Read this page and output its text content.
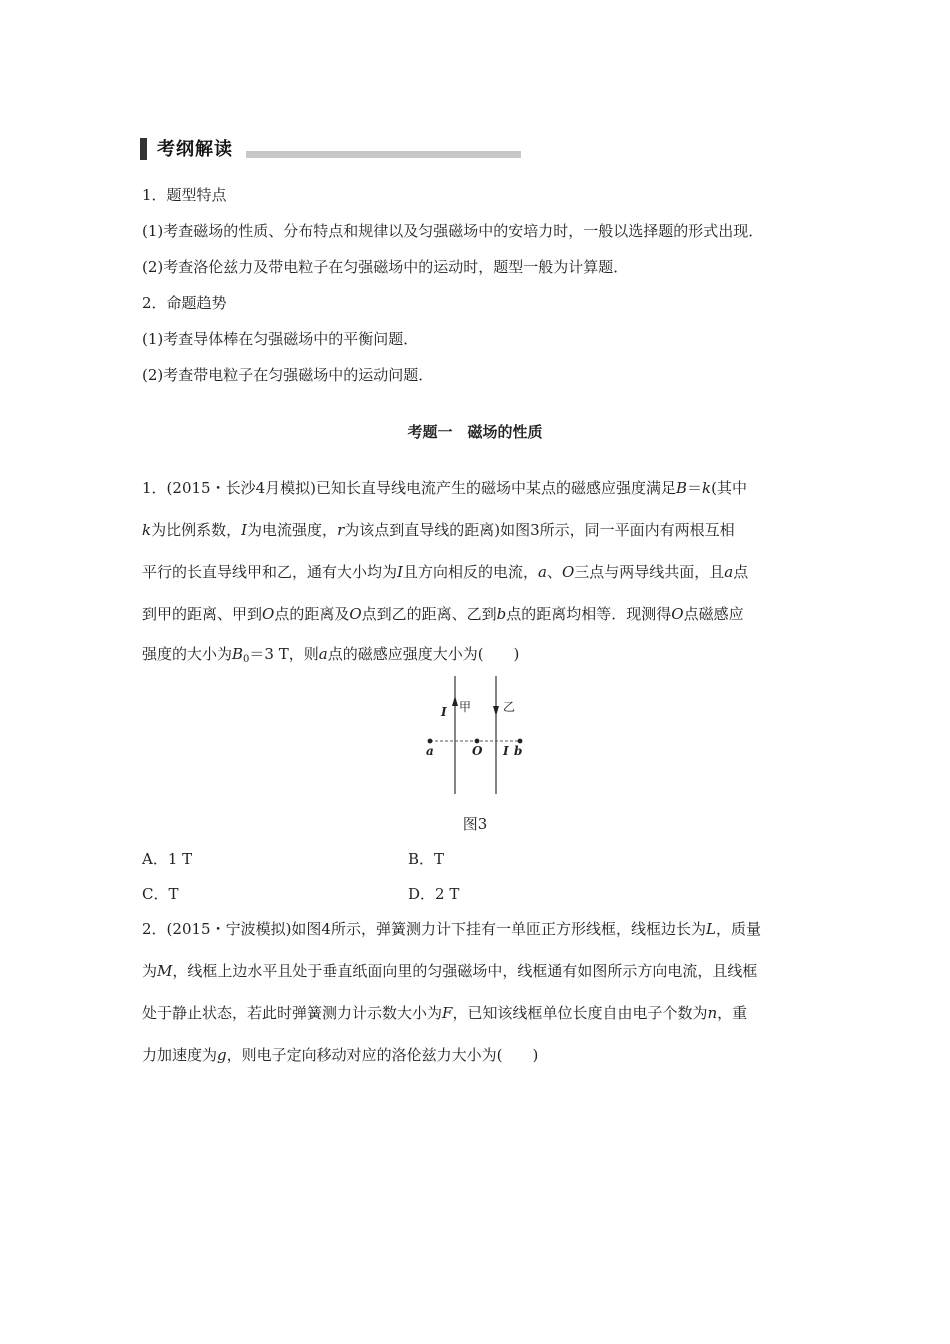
考纲解读
1．题型特点
(1)考查磁场的性质、分布特点和规律以及匀强磁场中的安培力时，一般以选择题的形式出现．
(2)考查洛伦兹力及带电粒子在匀强磁场中的运动时，题型一般为计算题．
2．命题趋势
(1)考查导体棒在匀强磁场中的平衡问题．
(2)考查带电粒子在匀强磁场中的运动问题．
考题一　磁场的性质
1．(2015・长沙4月模拟)已知长直导线电流产生的磁场中某点的磁感应强度满足B＝k(其中
k为比例系数，I为电流强度，r为该点到直导线的距离)如图3所示，同一平面内有两根互相
平行的长直导线甲和乙，通有大小均为I且方向相反的电流，a、O三点与两导线共面，且a点
到甲的距离、甲到O点的距离及O点到乙的距离、乙到b点的距离均相等．现测得O点磁感应
强度的大小为$B_0=3$ T，则a点的磁感应强度大小为(　　)
I 甲	乙
a	O I b
图3
A．1 T	B．T
C．T	D．2 T
2．(2015・宁波模拟)如图4所示，弹簧测力计下挂有一单匝正方形线框，线框边长为L，质量
为M，线框上边水平且处于垂直纸面向里的匀强磁场中，线框通有如图所示方向电流，且线框
处于静止状态，若此时弹簧测力计示数大小为F，已知该线框单位长度自由电子个数为n，重
力加速度为g，则电子定向移动对应的洛伦兹力大小为(　　)
